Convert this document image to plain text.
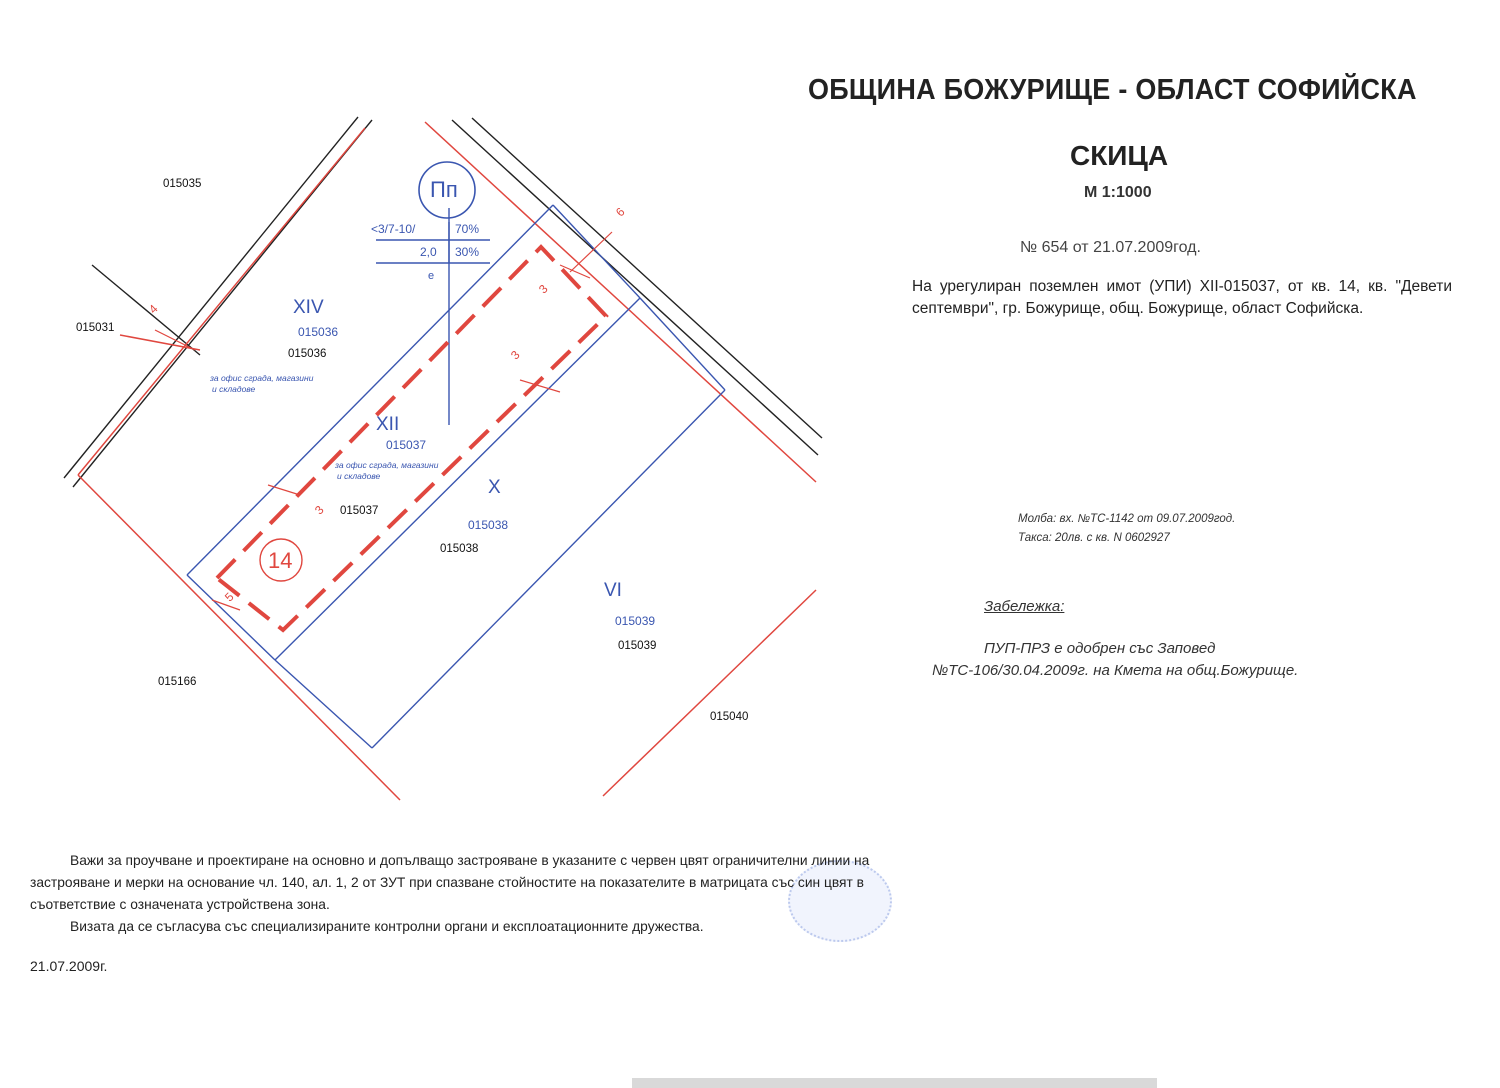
Пп
<3/7-10/	70%
2,0 30%
е
14
6
3
3
4
3
5
XIV
015036
015036
за офис сграда, магазини
и складове
XII
015037
за офис сграда, магазини
и складове
015037
X
015038
015038
VI
015039
015039
015035
015031
015166
015040
ОБЩИНА БОЖУРИЩЕ - ОБЛАСТ СОФИЙСКА
СКИЦА
М 1:1000
№ 654 от 21.07.2009год.
На урегулиран поземлен имот (УПИ) XII-015037, от кв. 14, кв. "Девети септември", гр. Божурище, общ. Божурище, област Софийска.
Молба: вх. №ТС-1142 от 09.07.2009год.
Такса: 20лв. с кв. N 0602927
Забележка:
ПУП-ПРЗ е одобрен със Заповед
№ТС-106/30.04.2009г. на Кмета на общ.Божурище.

Важи за проучване и проектиране на основно и допълващо застрояване в указаните с червен цвят ограничителни линии на застрояване и мерки на основание чл. 140, ал. 1, 2 от ЗУТ при спазване стойностите на показателите в матрицата със син цвят в съответствие с означената устройствена зона.

Визата да се съгласува със специализираните контролни органи и експлоатационните дружества.

21.07.2009г.
